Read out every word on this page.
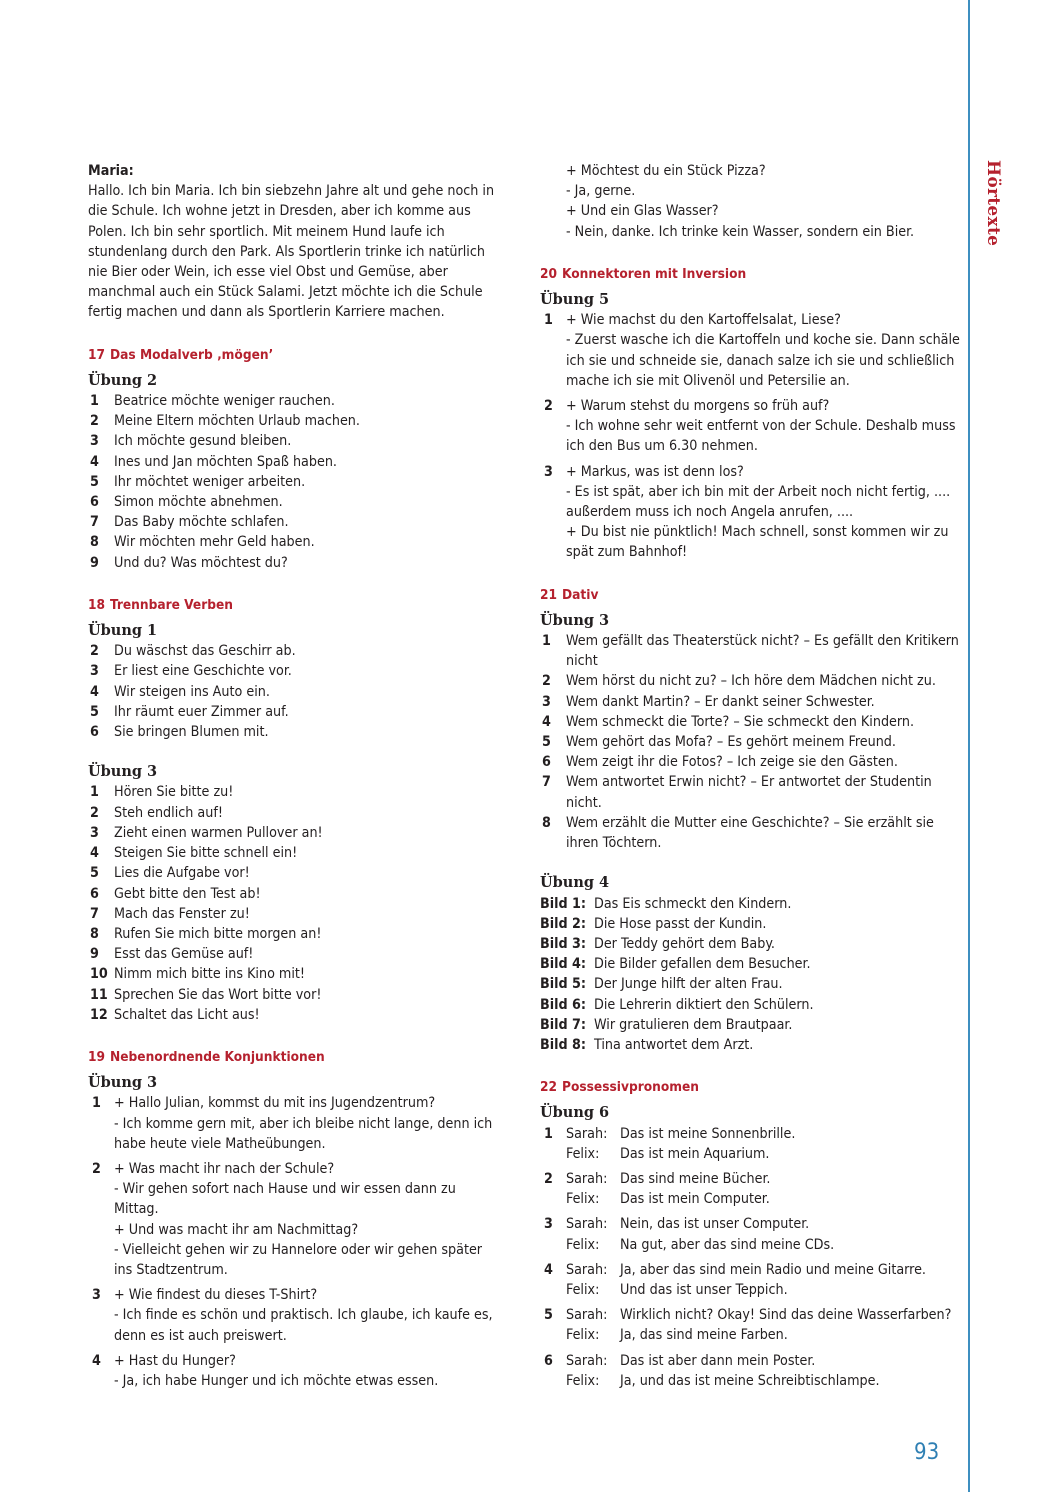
Hörtexte
93

Maria:

Hallo. Ich bin Maria. Ich bin siebzehn Jahre alt und gehe noch in die Schule. Ich wohne jetzt in Dresden, aber ich komme aus Polen. Ich bin sehr sportlich. Mit meinem Hund laufe ich stundenlang durch den Park. Als Sportlerin trinke ich natürlich nie Bier oder Wein, ich esse viel Obst und Gemüse, aber manchmal auch ein Stück Salami. Jetzt möchte ich die Schule fertig machen und dann als Sportlerin Karriere machen.

17 Das Modalverb ‚mögen’
Übung 2
1	Beatrice möchte weniger rauchen.
2	Meine Eltern möchten Urlaub machen.
3	Ich möchte gesund bleiben.
4	Ines und Jan möchten Spaß haben.
5	Ihr möchtet weniger arbeiten.
6	Simon möchte abnehmen.
7	Das Baby möchte schlafen.
8	Wir möchten mehr Geld haben.
9	Und du? Was möchtest du?
18 Trennbare Verben
Übung 1
2	Du wäschst das Geschirr ab.
3	Er liest eine Geschichte vor.
4	Wir steigen ins Auto ein.
5	Ihr räumt euer Zimmer auf.
6	Sie bringen Blumen mit.
Übung 3
1	Hören Sie bitte zu!
2	Steh endlich auf!
3	Zieht einen warmen Pullover an!
4	Steigen Sie bitte schnell ein!
5	Lies die Aufgabe vor!
6	Gebt bitte den Test ab!
7	Mach das Fenster zu!
8	Rufen Sie mich bitte morgen an!
9	Esst das Gemüse auf!
10 Nimm mich bitte ins Kino mit!
11 Sprechen Sie das Wort bitte vor!
12 Schaltet das Licht aus!
19 Nebenordnende Konjunktionen
Übung 3
1 + Hallo Julian, kommst du mit ins Jugendzentrum?

- Ich komme gern mit, aber ich bleibe nicht lange, denn ich habe heute viele Matheübungen.

2 + Was macht ihr nach der Schule?

- Wir gehen sofort nach Hause und wir essen dann zu Mittag.

+ Und was macht ihr am Nachmittag?

- Vielleicht gehen wir zu Hannelore oder wir gehen später ins Stadtzentrum.

3 + Wie findest du dieses T-Shirt?

- Ich finde es schön und praktisch. Ich glaube, ich kaufe es, denn es ist auch preiswert.

4 + Hast du Hunger?

- Ja, ich habe Hunger und ich möchte etwas essen.

+ Möchtest du ein Stück Pizza?

- Ja, gerne.

+ Und ein Glas Wasser?

- Nein, danke. Ich trinke kein Wasser, sondern ein Bier.

20 Konnektoren mit Inversion
Übung 5
1 + Wie machst du den Kartoffelsalat, Liese?

- Zuerst wasche ich die Kartoffeln und koche sie. Dann schäle ich sie und schneide sie, danach salze ich sie und schließlich mache ich sie mit Olivenöl und Petersilie an.

2 + Warum stehst du morgens so früh auf?

- Ich wohne sehr weit entfernt von der Schule. Deshalb muss ich den Bus um 6.30 nehmen.

3 + Markus, was ist denn los?

- Es ist spät, aber ich bin mit der Arbeit noch nicht fertig, .... außerdem muss ich noch Angela anrufen, ....

+ Du bist nie pünktlich! Mach schnell, sonst kommen wir zu spät zum Bahnhof!

21 Dativ
Übung 3
1	Wem gefällt das Theaterstück nicht? – Es gefällt den Kritikern nicht
2	Wem hörst du nicht zu? – Ich höre dem Mädchen nicht zu.
3	Wem dankt Martin? – Er dankt seiner Schwester.
4	Wem schmeckt die Torte? – Sie schmeckt den Kindern.
5	Wem gehört das Mofa? – Es gehört meinem Freund.
6	Wem zeigt ihr die Fotos? – Ich zeige sie den Gästen.
7	Wem antwortet Erwin nicht? – Er antwortet der Studentin nicht.
8	Wem erzählt die Mutter eine Geschichte? – Sie erzählt sie ihren Töchtern.
Übung 4
Bild 1: Das Eis schmeckt den Kindern.
Bild 2: Die Hose passt der Kundin.
Bild 3: Der Teddy gehört dem Baby.
Bild 4: Die Bilder gefallen dem Besucher.
Bild 5: Der Junge hilft der alten Frau.
Bild 6: Die Lehrerin diktiert den Schülern.
Bild 7: Wir gratulieren dem Brautpaar.
Bild 8: Tina antwortet dem Arzt.
22 Possessivpronomen
Übung 6
1 Sarah: Das ist meine Sonnenbrille.
Felix:	Das ist mein Aquarium.
2 Sarah: Das sind meine Bücher.
Felix:	Das ist mein Computer.
3 Sarah: Nein, das ist unser Computer.
Felix:	Na gut, aber das sind meine CDs.
4 Sarah: Ja, aber das sind mein Radio und meine Gitarre.
Felix:	Und das ist unser Teppich.
5 Sarah: Wirklich nicht? Okay! Sind das deine Wasserfarben?
Felix:	Ja, das sind meine Farben.
6 Sarah: Das ist aber dann mein Poster.
Felix:	Ja, und das ist meine Schreibtischlampe.
